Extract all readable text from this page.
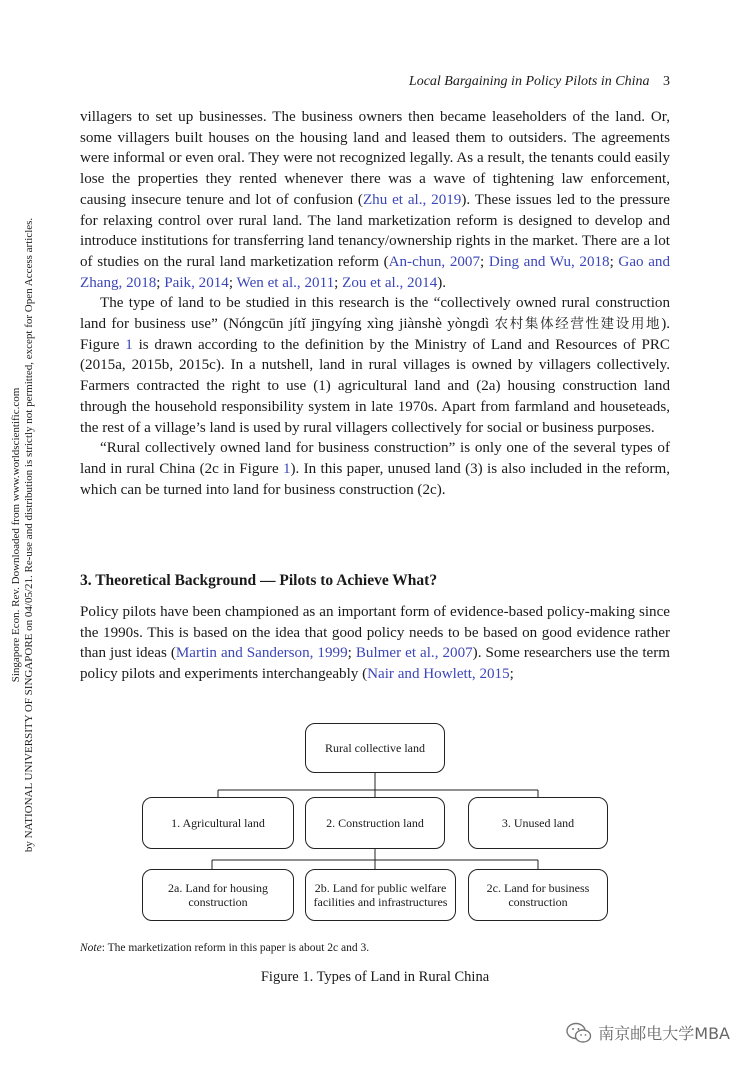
Local Bargaining in Policy Pilots in China 3
Singapore Econ. Rev. Downloaded from www.worldscientific.com by NATIONAL UNIVERSITY OF SINGAPORE on 04/05/21. Re-use and distribution is strictly not permitted, except for Open Access articles.

villagers to set up businesses. The business owners then became leaseholders of the land. Or, some villagers built houses on the housing land and leased them to outsiders. The agreements were informal or even oral. They were not recognized legally. As a result, the tenants could easily lose the properties they rented whenever there was a wave of tightening law enforcement, causing insecure tenure and lot of confusion (Zhu et al., 2019). These issues led to the pressure for relaxing control over rural land. The land marketization reform is designed to develop and introduce institutions for transferring land tenancy/ownership rights in the market. There are a lot of studies on the rural land marketization reform (An-chun, 2007; Ding and Wu, 2018; Gao and Zhang, 2018; Paik, 2014; Wen et al., 2011; Zou et al., 2014).

The type of land to be studied in this research is the “collectively owned rural construction land for business use” (Nóngcūn jítǐ jīngyíng xìng jiànshè yòngdì 农村集体经营性建设用地). Figure 1 is drawn according to the definition by the Ministry of Land and Resources of PRC (2015a, 2015b, 2015c). In a nutshell, land in rural villages is owned by villagers collectively. Farmers contracted the right to use (1) agricultural land and (2a) housing construction land through the household responsibility system in late 1970s. Apart from farmland and houseteads, the rest of a village’s land is used by rural villagers collectively for social or business purposes.

“Rural collectively owned land for business construction” is only one of the several types of land in rural China (2c in Figure 1). In this paper, unused land (3) is also included in the reform, which can be turned into land for business construction (2c).

3. Theoretical Background — Pilots to Achieve What?

Policy pilots have been championed as an important form of evidence-based policy-making since the 1990s. This is based on the idea that good policy needs to be based on good evidence rather than just ideas (Martin and Sanderson, 1999; Bulmer et al., 2007). Some researchers use the term policy pilots and experiments interchangeably (Nair and Howlett, 2015;

Rural collective land
1. Agricultural land	2. Construction land	3. Unused land
2a. Land for housing construction
2b. Land for public welfare facilities and infrastructures
2c. Land for business construction
Note: The marketization reform in this paper is about 2c and 3.
Figure 1. Types of Land in Rural China
南京邮电大学MBA
